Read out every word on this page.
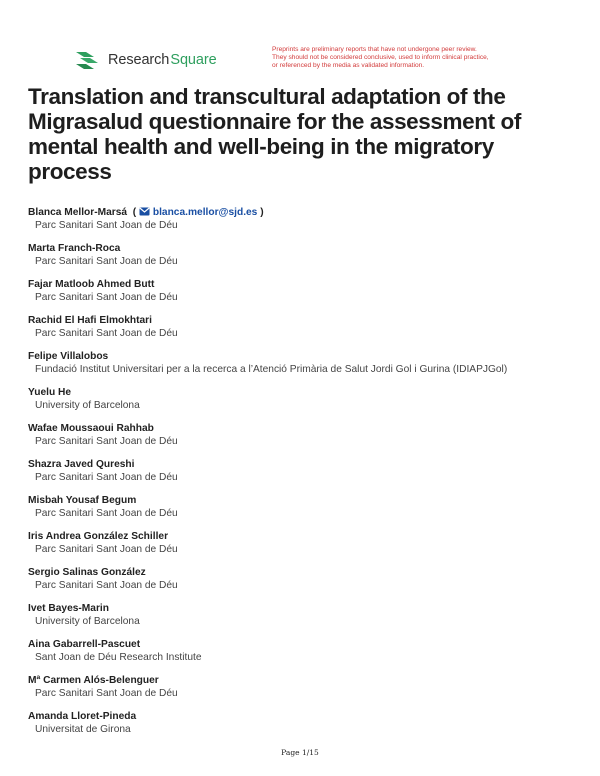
Research Square
Preprints are preliminary reports that have not undergone peer review.
They should not be considered conclusive, used to inform clinical practice,
or referenced by the media as validated information.
Translation and transcultural adaptation of the Migrasalud questionnaire for the assessment of mental health and well-being in the migratory process
Blanca Mellor-Marsá ( blanca.mellor@sjd.es )
Parc Sanitari Sant Joan de Déu
Marta Franch-Roca
Parc Sanitari Sant Joan de Déu
Fajar Matloob Ahmed Butt
Parc Sanitari Sant Joan de Déu
Rachid El Hafi Elmokhtari
Parc Sanitari Sant Joan de Déu
Felipe Villalobos
Fundació Institut Universitari per a la recerca a l’Atenció Primària de Salut Jordi Gol i Gurina (IDIAPJGol)
Yuelu He
University of Barcelona
Wafae Moussaoui Rahhab
Parc Sanitari Sant Joan de Déu
Shazra Javed Qureshi
Parc Sanitari Sant Joan de Déu
Misbah Yousaf Begum
Parc Sanitari Sant Joan de Déu
Iris Andrea González Schiller
Parc Sanitari Sant Joan de Déu
Sergio Salinas González
Parc Sanitari Sant Joan de Déu
Ivet Bayes-Marin
University of Barcelona
Aina Gabarrell-Pascuet
Sant Joan de Déu Research Institute
Mª Carmen Alós-Belenguer
Parc Sanitari Sant Joan de Déu
Amanda Lloret-Pineda
Universitat de Girona
Page 1/15
